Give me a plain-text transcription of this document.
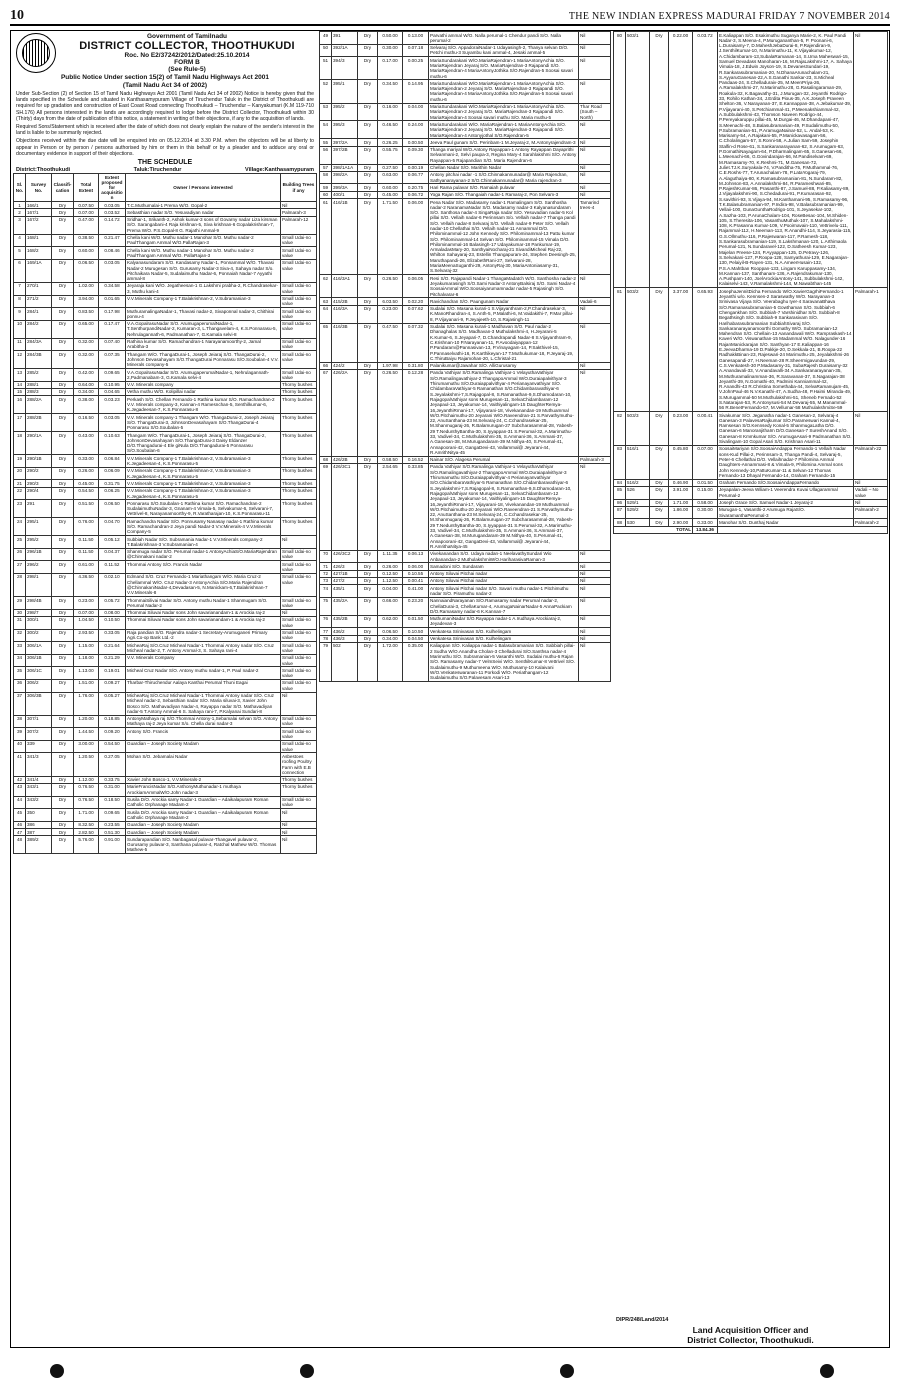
10	THE NEW INDIAN EXPRESS MADURAI FRIDAY 7 NOVEMBER 2014
Government of Tamilnadu
DISTRICT COLLECTOR, THOOTHUKUDI
Roc. No E2/37242/2012/Dated:25.10.2014
FORM B
(See Rule-5)
Public Notice Under section 15(2) of Tamil Nadu Highways Act 2001
(Tamil Nadu Act 34 of 2002)
Under Sub-Section (2) of Section 15 of Tamil Nadu Highways Act 2001 (Tamil Nadu Act 34 of 2002) Notice is hereby given that the lands specified in the Schedule and situated in Kanthasamypuram Village of Tiruchendur Taluk in the District of Thoothukudi are required for up gradation and construction of East Coast Road connecting Thoothukudi – Tiruchendur – Kanyakumari (K.M 119-710 SH.176) All persons interested in the lands are accordingly required to lodge before the District Collector, Thoothukudi within 30 (Thirty) days from the date of publication of this notice, a statement in writing of their objections, if any to the acquisition of lands.
Required Sons/Statement which is received after the date of which does not clearly explain the nature of the sender's interest in the land is liable to be summarily rejected.
Objections received within the due date will be enquired into on 05.12.2014 at 3.30 P.M. when the objectors will be at liberty to appear in Person or by person / persons authorised by him or them in this behalf or by a pleader and to adduce any oral or documentary evidence in support of their objections.
THE SCHEDULE
District:Thoothukudi	Taluk:Tiruchendur	Village:Kanthasamypuram
Sl. No.	Survey No.	Classifi-cation	Total Extent	Extent proposed for acquisition	Owner / Persons interested	Building Trees if any
1	166/1	Dry	0.07.50	0.03.05	T.C.Muthumalai-1 Prema W/O. Gopal-2	Nil
2	167/1	Dry	0.07.00	0.03.52	Sebasthian nadar S/O. Yesuvadiyan nadar	Palmarah-3
3	167/2	Dry	0.47.00	0.14.72	Sridhar-1, Srikanth-2, Ashok kumar-3 sons of Govarny nadar Liza kirsman S/O. Sarangabani-4 Raja krishnan-5, Siva krishnan-6 Gopalakrishnan-7, Prema W/O. P.S.Gopal-8 G. Rajathi Ammal-9	Palmarah-12
4	168/1	Dry	0.38.50	0.21.47	Chella kani W/O. Muthu nadar-1 Manohar S/O. Muthu nadar-2 PaulThangam Ammal W/O.PallaRajan-3	Small Udai-no value
5	168/2	Dry	0.60.00	0.08.46	Chella kani W/O. Muthu nadar-1 Manohar S/O. Muthu nadar-2 PaulThangam Ammal W/O. PallaRajan-3	Small Udai-no value
6	169/1A	Dry	0.06.50	0.03.05	Kalyanasundaram S/O. Kandasamy Nadar-1, Ponnammal W/O. Thavasi Nadar-2 Murugesan S/O. Gurusamy Nadar-3 Siva-4, Sahaya nadar S/o. Pitchaikara Nadar-5, Sudalaimuthu Nadar-6, Ponnaiah Nadar-7 Ayyathi ammal-8	Small Udai-no value
7	270/1	Dry	1.02.00	0.34.58	Jeyaraja kani W/O. Jegatheesan-1 G.Lakshmi prabha-2, R.Chandrasekar-3, Muthu kani-4	Small Udai-no value
8	271/2	Dry	3.94.00	0.01.65	V.V.Minerals Company-1 T.Balakrishnan-2, V.Subramanian-3	Small Udai-no value
9	284/1	Dry	0.83.50	0.17.98	MuthuramalingaNadar-1, Thavasi nadar-2, Sivaponnal nadar-3, Chithirai ponnu-4	Small Udai-no value
10	284/2	Dry	0.65.00	0.17.47	V.A.GopalrasuNadar S/O. ArumugaperumalNadar-1, T.SenthurpandiNadar-2, Kumaran-3, L.Thangavelam-4, K.S.Ponnarasu-5, Nehrulagannath-6, Padmanathan-7, G.Kamala selvi-8	Small Udai-no value
11	284/3A	Dry	0.32.00	0.07.40	Rathina kumar S/O. Ramachandran-1 Narayanamoorthy-2, Jamal Arabitha-3	Small Udai-no value
12	284/3B	Dry	0.32.00	0.07.35	Thangam W/O. ThangaDurai-1, Joseph Jeiaraj S/O. ThangaDurai-2, Johnson Devasahayam S/O.ThangaDurai Ponnarasu S/O.Soubalan-4 V.V. Minerals company-5	Small Udai-no value
13	285/2	Dry	0.42.00	0.09.65	V.A.GopalrasuNadar S/O. ArumugaperumalNadar-1, Nehrulagannath-2,Padmanabam-3, G.Kamala selvi-4	Small Udai-no value
14	288/1	Dry	0.64.00	0.10.95	V.V. Minerals company	Thorny bushes
15	288/3	Dry	0.34.00	0.04.65	Vetha muthu W/O. Kolipillai nadar	Thorny bushes
16	288/2A	Dry	0.38.00	0.03.23	Perkash S/O. Chellan Fernando-1 Rathina kumar S/O. Ramachandran-2 V.V. Minerals company-3, Kannan-4 Ramesnchan-5, Senthilkumar-6, K.Jegadeesan-7, K.S.Ponnarasu-8	Thorny bushes
17	288/2B	Dry	0.16.50	0.03.05	V.V. Minerals company-1 Thangam W/O. ThangaDurai-2, Joseph Jeiaraj S/O. ThangaDurai-3, JohnsonDevasahayam S/O.ThangaDurai-4 Ponnarasu S/O.Soubalan-5	Thorny bushes
18	290/1A	Dry	0.43.00	0.10.63	Thangam W/O. ThangaDurai-1, Joseph Jeiaraj S/O. ThangaDurai-2, JohnsonDevasahayam S/O.ThangaDurai-3 Daisy Eldanzer D/O.Thangadurai-4 Ele giNula D/O.Thangadurai-5 Ponnarasu S/O.Soubalan-6	Thorny bushes
19	290/1B	Dry	0.33.00	0.06.84	V.V.Minerals Company-1 T.Balakrishnan-2, V.Subramanian-3 K.Jegadeesan-4, K.S.Ponnarasu-5	Thorny bushes
20	290/2	Dry	0.26.00	0.06.09	V.V.Minerals Company-1 T.Balakrishnan-2, V.Subramanian-3 K.Jegadeesan-4, K.S.Ponnarasu-5	Thorny bushes
21	290/3	Dry	0.45.00	0.31.75	V.V.Minerals Company-1 T.Balakrishnan-2, V.Subramanian-3	Thorny bushes
22	290/4	Dry	0.54.50	0.06.25	V.V.Minerals Company-1 T.Balakrishnan-2, V.Subramanian-3 K.Jegadeesan-4, K.S.Ponnarasu-5	Thorny bushes
23	291	Dry	0.51.50	0.06.50	Ponnarasu S/O.Soubalan-1 Rathina kumar S/O. Ramachandran-2 SudalaimuthuNadar-3, Gnanam-4 Vimala-5, Selvakumar-6, Selvarani-7, Vettrivel-8, Narayanamoorthy-9, R.Varatharajan-10, K.S.Ponnarasu-11	Thorny bushes
24	295/1	Dry	0.76.00	0.04.70	Ramachandra Nadar S/O. Ponnusamy Nanasay nadar-1 Rathina kumar S/O. Ramachandran-2 Jeya pandi Nadar-3 V.V.Minerals-4 V.V.Minerals Company-5	Thorny bushes
25	295/2	Dry	0.11.50	0.05.12	Subbiah Nadar S/O. Subramania Nadar-1 V.V.Minerals company-2 T.Balakrishnan-3 V.Subramanian-4	Nil
26	296/1B	Dry	0.11.50	0.04.37	Shanmuga nadar S/O. Perumal nadar-1 AntonyAchiaS/O.MariaRajendran @Chinnakani nadar-2	Small Udai-no value
27	296/2	Dry	0.61.00	0.11.52	Thommai Antony S/O. Francis Nadar	Small Udai-no value
28	298/1	Dry	4.36.50	0.02.10	Edmand S/O. Cruz Fernando-1 Mariathangam W/O. Maria Cruz-2 Chellammal W/O. Cruz Nadar-3 AntonyAchia S/O.Maria Rajendran @ChinnakaniNadar-4,Devadasan-5, N.Manickam-6,T.Balakrishnan-7 V.V.Minerals-8	Small Udai-no value
29	298/4B	Dry	0.23.00	0.05.72	ThommaiSilivai Nadar S/O. Antony muthu Nadar-1 Shanmugam S/O. Perumal Nadar-2	Small Udai-no value
30	298/7	Dry	0.07.00	0.08.00	Thommai Siluvai Nadar sons John savarianandam-1 & Arockia raj-2	Nil
31	300/1	Dry	1.04.50	0.10.50	Thommai Siluvai Nadar sons John savarianandam-1 & Arockia raj-2	Small Udai-no value
32	300/2	Dry	2.93.50	0.33.05	Raja pandian S/O. Rajendra nadar-1 Secretary-Arumuganeri Primary Agri.Co-op Bank Ltd.-2	Small Udai-no value
33	306/1A	Dry	1.15.00	0.21.64	MicheaRaj S/O.Cruz Micheal Nadar-1 Thommai Antony nadar S/O. Cruz Micheal nadar-2, T. Antony Ammal-3, S. Sahaya rani-4	Small Udai-no value
34	306/1B	Dry	1.18.00	0.21.29	V.V. Minerals Company	Small Udai-no value
35	306/1C	Dry	1.13.00	0.19.01	Micheal Cruz Nadar S/O. Antony muthu nadar-1, P. Paul nadar-2	Small Udai-no value
36	306/2	Dry	1.51.00	0.09.27	Tharbar-Thiruchendur Aalaya Kanthai Perumal Thuni Eagai	Small Udai-no value
37	306/3B	Dry	1.76.00	0.05.27	MicheaRaj S/O.Cruz Micheal Nadar-1 Thommai Antony nadar S/O. Cruz Micheal nadar-2, Sebasthian nadar S/O. Maria siluvai-3, Xavier John Bosco S/O. Mathavadiyan Nadar-4, Rayappa nadar S/O. Mathavadiyan nadar-5 T.Antony Ammal-6 S. Sahaya rani-7, P.Kalyanai Sundari-8	Nil
38	307/1	Dry	1.20.00	0.18.85	AntonyMathaya raj S/O.Thommai Antony-1,Sebamalai selvan S/O. Antony Mathaya raj-2 Jeya kumar S/o. Chella durai nadar-3	Small Udai-no value
39	307/2	Dry	1.44.50	0.09.20	Antony S/O. Francis	Small Udai-no value
40	339	Dry	3.00.00	0.54.50	Guardian – Joseph Society Madam	Small Udai-no value
41	341/3	Dry	1.20.50	0.27.05	Mohan S/O. Jebamalai Nadar	Asbestoes roofing Poultry Farm with E.B connection
42	341/4	Dry	1.12.00	0.33.75	Xavier John Bosco-1, V.V.Minerals-2	Thorny bushes
43	343/1	Dry	0.76.50	0.31.00	MarieFrancisNadar S/O.AnthonyMuthunadar-1 muthaya ArockiamAmmalW/O.John nadar-3	Thorny bushes
44	343/2	Dry	0.76.50	0.18.50	Susila D/O. Arockia samy Nadar-1 Guardian – Adaikalapuram Roman Catholic Orphanage Madam-2	Small Udai-no value
45	350	Dry	1.71.00	0.09.65	Susila D/O. Arockia samy Nadar-1 Guardian – Adaikalapuram Roman Catholic Orphanage Madam-2	Nil
46	386	Dry	8.32.50	0.23.55	Guardian – Joseph Society Madam	Nil
47	387	Dry	2.82.50	0.51.30	Guardian – Joseph Society Madam	Nil
48	389/2	Dry	5.76.00	0.91.00	Sundarapandian S/O. Nanbagasal pulavar-Thangavel pulavar-2, Gurusamy pulavar-3, Santhana pulavar-4, Ratchal Mathew W/O. Thomas Mathew-5	Nil
49	391	Dry	0.50.00	0.13.00	Parvathi ammal W/O. Nalla perumal-1 Chendur pandi S/O. Nalla perumal-2	Nil
50	392/1A	Dry	0.30.00	0.07.18	Selvaraj S/O. AppadoraiNadar-1 Udayasingh-2, Thanya selvan D/O. Petchi muthu-3 Suyambu kani ammal-4, Jesaki ammal-5	Nil
51	394/3	Dry	0.17.00	0.00.25	MariaSundarakani W/O.MariaRajendran-1 MariaAntonyAchia S/O. MariaRajendran Jeyaraj S/O. MariaRajendran-3 Rajapandi S/O. MariaRajendran-4 MariaAntonyJothika S/O.Rajendran-5 Soosai savari muthu-6	Nil
52	395/1	Dry	0.34.50	0.14.95	MariaSundarakani W/O.MariaRajendran-1 MariaAntonyAchia S/O. MariaRajendran-2 Jeyaraj S/O. MariaRajendran-3 Rajapandi S/O. MariaRajendran-4 MariaAntonyJothika S/O.Rajendran-5 Soosai savari muthu-6	Nil
53	395/2	Dry	0.16.00	0.04.00	MariaSundarakani W/O.MariaRajendran-1 MariaAntonyAchia S/O. MariaRajendran-2 Jeyaraj S/O. MariaRajendran-3 Rajapandi S/O. MariaRajendran-4 Soosai savari muthu S/O. Maria muthu-5	Thar Road (South – North)
54	395/3	Dry	0.46.50	0.24.00	MariaSundarakani W/O. MariaRajendran-1 MariaAntonyAchia S/O. MariaRajendran-2 Jeyaraj S/O. MariaRajendran-3 Rajapandi S/O. MariaRajendran-4 Antonyjothal S/O.Rajendran-5	Nil
55	397/2A	Dry	0.26.25	0.00.50	Jeeva Paul gunam S/O. Perinbam-1 M.Jeyaraj-2, M.Antonyrajendram-3	Nil
56	397/2B	Dry	0.55.75	0.09.30	Thanga mariyal W/O.Antony Rayappan-1 Antony Rayappan Dayaprithi Selvanmani-2, Selvi paupa-3, Regina Mary-4 Sarahlakshmi S/O. Antony Rayappan-5 Rajapandian S/O. Maria Rajendran-6	Nil
57	398/1A1A	Dry	0.27.50	0.00.19	Chellan Nadar S/O. Marithin Nadar	Nil
58	398/2A	Dry	0.63.00	0.06.77	Antony pitchai nadar -1 S/O.Chinnakannunadar@ Maria Rajendran, Sathyanarayanan-2 S/O.Chinnakannunadar@ Maria rajendran-3	Nil
59	399/3A	Dry	0.60.00	0.20.75	Hari Rama pulavar S/O. Ramaiah pulavar	Nil
60	400/1	Dry	0.45.00	0.06.72	Yoga Rajan S/O. Thangaiah nadar-1 Ramaraj-2, Pon Selvam-3	Nil
61	416/1B	Dry	1.71.50	0.06.00	Pena Nadar S/O. Madasamy nadar-1 Ramalingam S/O. Santhosha nadar-2 NaranamaNadar S/O. Madasamy nadar-3 Kalyanasundaram S/O. Santhosa nadar-4 SingaRaja nadar S/O. Yesuvadian nadar-5 Kol pillai S/O. Vellaih nadar-6 Perinnsam S/o. Vellaih nadar-7 Thanga pandi S/O. Vellaih nadar-8 Selvaraj S/O. Vellaih nadar-9 Peter S/O. Vellaih nadar-10 Chellathai S/O. Vellaih nadar-11 Annammal D/O. Philominammal-12 John Kennedy S/O. Philominammal-13 Pattu kumar S/O. Philominammal-14 Selvan S/O. Philominammal-15 Vimala D/O. Philominammal-16 Balasingh-17 Udayakumar-18 Pankumar-19, ArmaladasMary-20, SanthyaiNocharaj-21 SivandiMicheal Raj-22, Whilton Sahayaraj-23, Estellin Thangapuram-24, Stephen Deesingh-25, Maruthapandi-26, ElizabethRani-27, Selvarani-28, MariaMeenaSuganthi-29, AntonyRaj-30, MariaAntoniasamy-31, S.Selvaraj-32	Tamarind trees-4
62	416/3A1	Dry	0.26.50	0.06.05	Resi S/O. Rajapandi Nadar-1 ThangaMadatch W/O. Santhosha nadar-2 Jeyakumarasingh S/O.Sami Nadar-3 AntonyBalsiraj S/O. Sami Nadar-4 SoosaiAmmal W/O.Soosaiyarumamnadar nadar-5 Rajasingh S/O. Pitchalvarar-6	Nil
63	415/2B	Dry	6.03.50	0.02.20	Ravichandran S/O. Paungunam Nadar	Vadali-6
64	416/3A	Dry	0.23.00	0.07.62	Sudalai S/O. Masana kurari-1 S.Vijayanthram-2,P.Chandrasekar-3, K.ManoRhandran-4, S.Anth-5, P.Malathi-6, M.Vaidakithi-7, P.Mar pillai-8, P.Vijayanari-9, P.Jeyajeeth-10, S.Rajasingh-11	Nil
65	416/3B	Dry	0.47.50	0.07.32	Sudalai S/O. Masana kurari-1 Madhavan S/O. Paul nadar-2 Dhanaghalas S/O. Madhavan-3 Muthulakshmi-4, H.Jeyarani-5 K.Kumar-6, S.Jeyapari-7, D.Chandrapandi Nadar-8 S.Vijayanthram-9, C.Krishnan-10 P.Narayanan-11, P.Avoodaiyappan-12 P.Pandaram@Pannasivan-13, P.Vinayagam-14, P.Sakthivel-15, P.Pannaselvathi-16, R.Karthikeyan-17 T.Muthukumar-18, P.Jeyaraj-19, C.ThiruBaiyu Rajamohan-20, L.Christal-21	Nil
66	424/2	Dry	1.97.98	0.31.80	Palanikumar@Jawahar S/O. AlliGurusamy	Nil
67	426/2A	Dry	0.26.50	0.12.28	Panda Vathiyar S/O.Ramalinga Vathiyar-1 VelayuthaVathiyar S/O.Ramalingavathiyar-2 ThangapoAmmal W/O.Duraiapalvithyar-3 Thirumamuthu S/O.Duraiappalvithyar-4 Perianayanvathiyar S/O. ChidambaraVathiyar-5 Ramanathan S/O.Chidambaravathiyar-6 S.Jeyalakshmi-7,S.Rajagopal-8, S.Ramanathan-9,S.Dhamodaran-10, RajagopalVathiyar sons Murugesan-11, SelvaChidambaram-12 Jeyapaul-13, Jeyakumar-14, Vaithiyalingam-15 DaughterRemya-16,JeyanthiRmani-17, Vijayarani-18, Vivekanandan-19 Muthuammal W/O.Pitchaimuthu-20 Jeyarani W/O.Raveendran-21 S.Parvathymuthu-22, AnuSanthana-23 M.Selvaraj-24, C.Cchandrasekar-25, M.Shanmugaraj-26, R.Balamurugan-27 Subcharasammal-28, Yabesh-29 T.NedunthyBantha-30, S.Iyyappan-31 S.Perumal-32, A.Marimuthu-33, Vadivel-34, C.Muthulakshmi-35, S.Ammani-36, S.Ammani-37, A.Ganesan-38, M.Murugandaram-39 M.Nithya-40, S.Perumal-41, Annapoorani-42, GangaDevi-43, Vallammal@ Jeyarani-44, R.AmrithNitya-45	Nil
68	426/2B	Dry	0.58.50	0.16.52	Nainar S/O. Alagesa Perumal	Palmarah-3
69	426/3C1	Dry	2.54.65	0.33.85	Panda Vathiyar S/O.Ramalinga Vathiyar-1 VelayuthaVathiyar S/O.Ramalingavathiyar-2 ThangapoAmmal W/O.Duraiapalvithyar-3 Thirumamuthu S/O.Duraiappalvithyar-4 Perianayanvathiyar S/O.ChidambaraVathiyar-5 Ramanathan S/O.Chidambaravathiyar-6 S.Jeyalakshmi-7,S.Rajagopal-8, S.Ramanathan-9,S.Dhamodaran-10, RajagopalVathiyar sons Murugesan-11, SelvaChidambaram-12 Jeyapaul-13, Jeyakumar-14, Vaithiyalingam-15 DaughterRemya-16,JeyanthiRmani-17, Vijayarani-18, Vivekanandan-19 Muthuammal W/O.Pitchaimuthu-20 Jeyarani W/O.Raveendran-21 S.Parvathymuthu-22, AnuSanthana-23 M.Selvaraj-24, C.Cchandrasekar-25, M.Shanmugaraj-26, R.Balamurugan-27 Subcharasammal-28, Yabesh-29 T.NedunthyBantha-30, S.Iyyappan-31 S.Perumal-32, A.Marimuthu-33, Vadivel-34, C.Muthulakshmi-35, S.Ammani-36, S.Ammani-37, A.Ganesan-38, M.Murugandaram-39 M.Nithya-40, S.Perumal-41, Annapoorani-42, GangaDevi-43, Vallammal@ Jeyarani-44, R.AmrithaNitya-45	Nil
70	426/3C2	Dry	1.11.35	0.06.13	Vivekanandan S/O. Udaya nadan-1 NeelavathySundari Wio Anbanandan-2 MuthulakshmiW/O.HariharasivaRaman-3	Nil
71	426/3	Dry	0.26.00	0.06.00	Samadoni S/O. Sundaram	Nil
72	427/1B	Dry	0.12.50	0.10.55	Antony Siluvai Pitchai nadar	Nil
73	427/2	Dry	1.12.50	0.00.41	Antony Siluvai Pitchai nadar	Nil
74	435/1	Dry	0.04.00	0.41.00	Antony Siluvai Pitchai nadar S/O. Savari muthu nadar-1 Pitchimuthu nadar S/O. Piramuthu nadar-2	Nil
75	435/2A	Dry	0.66.00	0.23.20	NannaiandNarayanan S/O.Ramasamy nadar Perumal nadar-2, ChellaDurai-3, ChellaKumar-4, ArumugaNainarNadar-5 AnnaPackiam D/O.Ramasamy nadar-6 K.Kannan-7	Nil
76	435/2B	Dry	0.62.00	0.01.50	MuthumaniNadar S/O.Rayappa nadar-1 A.Irudhaya Arockiaraj-2, Jeyadevan-3	Nil
77	436/2	Dry	0.06.50	0.10.50	Venkatesa Srinivasan S/O. Kulhelingam	Nil
78	436/3	Dry	0.34.00	0.04.50	Venkatesa Srinivasan S/O. Kulhelingam	Nil
79	502	Dry	1.72.00	0.35.00	Kaliappan S/O. Kaliappa nadar-1 Balasubramanian S/O. Sabbiah pillai-2 Sudha W/O.Anandha Cholan-3 Chelladurai S/O.Santhsa nadar-4 Marimuthu S/O. Subramanian-5 Vasanthi W/O. Sudalai muthu-6 Rajan S/O. Ramasamy nadar-7 VelmSeivi W/O. SenthilKumar-8 Vettrivel S/O. Sudalaimuthu-9 Muthumeena W/O. Muthusamy-10 Kalaivani W/O.Venkateswaranan-11 Porkodi W/O. Periathangam-12 Sudalaimuthu S/O.Palavesam Asari-13	Nil
80	503/1	Dry	0.22.00	0.03.72	E.Kaliappan S/O. Esakimuthu Suganya Marie-2, K. Paul Pandi Nadar-3, S.Meena-4, P.Murugananthan-5, P. Poonani-6, L.Duraisamy-7, D.MaheshJebaDurai-8, P.Rajendiran-9, J.SenthilKumar-10, N.Marimuthu-11, K.Vijayakumar-12, A.Chidambaram-13,SubalaRamanan-14, S.Uma Maheswari-15, Samuel Devadass Manoharan-16, M.RajaLakshmi-17, A. Sahaya Vimala-18, J.Edwin Joyson-19, S.DevanesSundari-19, R.Sankarasubramanian-20, N.DhanaArunachalam-21, S.AyyaruGanesan-22,A.S.Ganathi Sankar-23, S.Micheal Pandaas-24, S.Chelladuraiv-25, M.MeenPriya-26, A.Ramalakshmi-27, N.Marimuthu-28, G.Rasalingaraman-29, Roakula-32, K.Bagavathy-31, J.Murugan-32, Jeyanthi Rodrigo-33, Rohilo Kathan-34, J.Erdita Pious-35, A.K.Joseph Praveen Shelton-36, V.Narayanan-37, E.Kannappan-38, A.Jebakumar-39, P.Vijayarani-40, S.Petchiammal-41, P.Meenakshiammal-42, A.Subbulakshmi-43, Thomson Naveen Rodrigo-44, P.Pereyakaruppu pillai-45, M.Durgai-46, M.Dhandapani-47, S.Meenachi-48, S.Balasubramanian-49, P.Sudalimuthu-50, P.Subramanian-51, P.AramugaNainar-52, L. Andal-53, K. Marisamy-54, A.Rajakani-55, P.Manickavasagam-56, C.Cholalingam-57, S.Ronni-58, A.Julian Sam-59, Josephin Stalfin-d Rose-61, S.Sankaranarayanan-62, S.Arumugam-63, P.GomathiNayagam-64, P.Dharmalingam-65, S.Ganesan-66, L.Meenachi-66, G.Govindarajan-66, M.Pandiselvam-69, M.Ramasamy-70, K.Reshmi-71, M.Ganesan-72, Juliet.TJ.K.Suryakala-74, V.Panditha-75, P.Muthammal-76, C.E.Roshs-77, T.Arunachalam-78, P.LataYogaraj-79, A.Alaguthaiya-80, K.Ramasubramanian-81, N.Sundaram-82, M.Johnson-83, A.Annalakshmi-84, R.Parameshwari-85, P.RajeshKumar-86, Prasanthi-87, J.Samuel-88, P.Kaliasamy-89, J.Vijayalakshmi-90, S.Chedadurai-91, P.Kumarasan-92, S.savithiri-93, S.Vijaya-94, M.Kanthamani-95, S.Ramasamy-96, T.K.Balasubramanian-97, P.Indira-98, V.Balasubramanian-99, Vellaii-100, GunaGunthaRodrigo-101, S.Jeyasekar-102, A.Sazha-103, P.ArunaChalam-104, RoseBesac-104, M.Shiden-105, S.Theresita-106, VasanthuMuthuk-107, S.Mahalakshmi-108, K.Prasanna Kumar-109, V.Pooirnavain-110, Vettrivelu-111, Rajammal-112, H.Neeman-113, R.Anandhi-114, S.Jeyarasia-115, G.S.Ollmuthu-116, P.Rajeswaran-117, P.Ramesh-118, S.Sankarasubramanian-119, S.Lakshmanan-120, L.Arthimaola Perumal-121, N.Sundaravel-122, D.Satheesh Kumar-123, Majelan Preese-124, P.Ayyappan-125, D.Petravy-126, S.Selvakani-127, P.Roopa-128, Samyathurai-129, E.Nagarajan-130, Pelaiyil-B-Rayen-131, N.A.AmeerHusain-132, P.S.A.Mahtban Rooppan-133, Lingam Karuppasamy-134, M.Kannan-137, Santhanam-136, A.Rajendrakumar-130, A.Pushpam-140, JoelArockiaAntony-141, Subbulakshmi-142, Kalaiselvi-143, V.Ramalakshmi-144, M.Nawabthan-145	Nil
81	503/2	Dry	3.37.00	0.65.93	JosephaJennitDicha Fernando W/O.XavierGagrhiFernando-1 Jeyanthi w/o. Kennsen-2 Saraswathy W/O. Narayanan-3 Srinivasa Vijaya S/O. Veerabaghu Iyer-4 SaravanaBhava S/O.Ramanasubramanian-5 Gowthaman S/O. Subbiah-6 Chengankhan S/O. Subbiah-7 Varshinidhar S/O. Subbiah-8 Begathsingh S/O. Subbiah-9 Sankarasivam S/O. Harihabarasubramanian SubbiahSivaraj S/O. Sankaranarayanamoorthi Gomathy W/O. Subramanian-12 Mahendran S/O. Chellain-13 Aanandavali W/O. Rampraskash-14 Kaveri W/O. Viswanathan-15 Madammal W/O. Nalagunder-16 RajanManickarajan S/O. Santhyan-17 E.Kaliappan-16 E.JeevaDharma-19 D.Pakkje-20, D.Sekkala-21, B.Roopa-22 RadhakkBinan-23, Rajeswari-24 Marimuthu-25, Jeyalakshmi-26 Ganesapandi-27, H.Neeman-28 R.Sheermigavundan-29, C.S.Venkatesh-30 P.Madasamy-31, SubaRajesh Duraisamy-32 A.Anandavali-33, V.Anandavalli-34 A.Sankaranarayanan-35, M.Muthuramalinamman-36, R.Saravanan-37, S.Nagarajan-38 Jeyanthi-39, N.Gomathi-40, Padmini Kanniammal-42, R.Anandhi-43 R.Christina Somethaba-44, SelvaRamanujam-45, V.JohnPaul-46 N.V.Kanathi-47, A.Sudha-48, P.Haimi Miranda-49, S.Murugammal-50 M.Muthulakshmi-51, Sheneb Fernado-52 S.Natarajan-53, R.Antonysusi-54 M.Devaraj-55, M.Manammal-56 R.BenetFernando-57, M.Vellumar-58 MuthulakshmiSe-59	Palmarah-1
82	503/3	Dry	0.23.00	0.00.41	Sivakumar S/O. Jeganatha nadar-1 Ganesan-2, Selvaraj-4 Ganesan-3 PalavesaRajkumar S/O.Parameswari Kannal-4, Ramsesan S/O.Kennsedy Konal-5 ShanmugaLatha D/O. Ganesan-6 ManoranjithaIm D/O.Ganesan-7 SureshAnand S/O. Ganesan-8 Kmmkumar S/O. ArumugaAsari-9 Padmanathan S/O. Sivalingam-10 Gopal Asari S/O. Krishnan Asari-11	Nil
83	516/1	Dry	0.45.80	0.07.00	SoosaiMariyan S/O.SoosaiAndappa Fernando-1 Vellaih Nadar sons-Kud Pillai-2, Perinnsam-3, Thanga Pandi-4, Selvaraj-5, Peter-6 Chellathai D/O. Vellaihnadar-7 Philomina Ammal Daughters-Annammasi-8 & Vimala-9, Philomina Ammal sons John Kennedy-10,PattuKumar-11 & Selvan-12 Thomas Fernando-13 Dhayal Fernando-14, Graham Fernando-15	Palmarah-22
84	516/2	Dry	0.46.90	0.01.50	Graham Fernando S/O.SoosaiAndappaFernando	Nil
85	526	Dry	3.91.00	0.15.00	Jeyapalan-Jeeva Wiliam-1 Veerendra Kuvai Ullagarammal Perumal-2	Vadali – No value
86	529/1	Dry	1.71.00	0.58.00	Joseph Grace S/O. Samuel Nadar-1 Jeyaraj-2	Nil
87	529/2	Dry	1.86.00	0.30.00	Murugan-1, Vasanthi-2 Arumuga RajaS/O. SivaramanthaPerumal-3	Palmarah-2
88	530	Dry	2.90.00	0.33.00	Manohar S/O. Dunthaj Nadar	Palmarah-2
TOTAL				13.84.36		
DIPR/248/Land/2014
Land Acquisition Officer and
District Collector, Thoothukudi.
